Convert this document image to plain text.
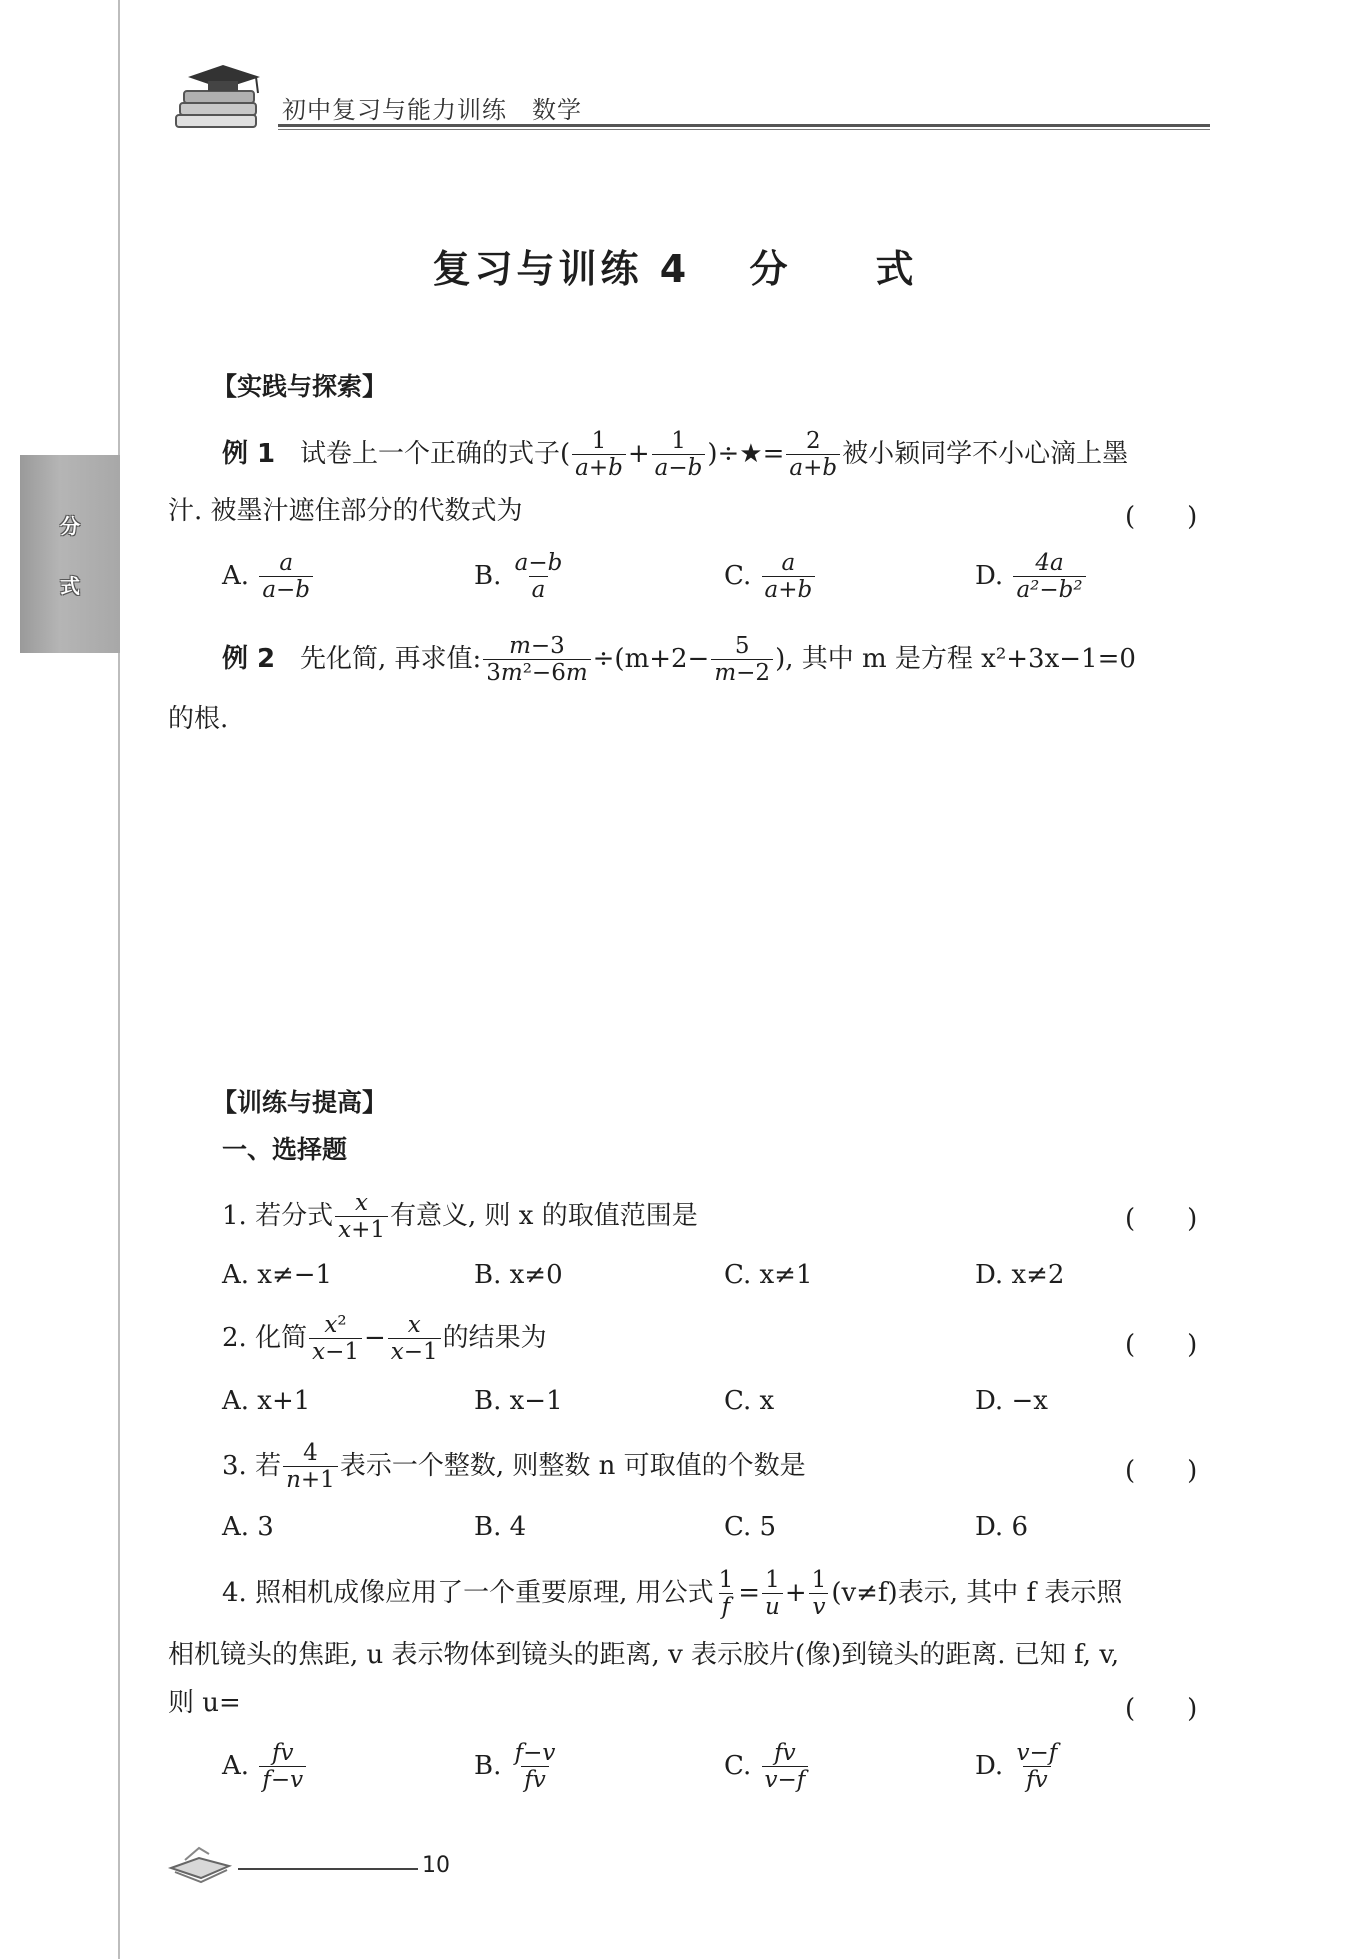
分
式
初中复习与能力训练　数学
复习与训练 4　 分　　式
【实践与探索】
例 1 试卷上一个正确的式子( $\frac{1}{a+b} + \frac{1}{a-b}$ )÷★= $\frac{2}{a+b}$ 被小颖同学不小心滴上墨
汁. 被墨汁遮住部分的代数式为	(　　)
A. $\frac{a}{a-b}$	B. $\frac{a-b}{a}$	C. $\frac{a}{a+b}$	D. $\frac{4a}{\text{a²−b²}}$
例 2 先化简, 再求值: $\frac{m-3}{\text{3m²−6m}} \div(m+2- \frac{5}{m-2}$ ), 其中 m 是方程 x²+3x−1=0
的根.
【训练与提高】
一、选择题
1. 若分式 $\frac{x}{x+1}$ 有意义, 则 x 的取值范围是	(　　)
A. x≠−1	B. x≠0	C. x≠1	D. x≠2
2. 化简 $\frac{\text{x²}}{x-1} - \frac{x}{x-1}$ 的结果为	(　　)
A. x+1	B. x−1	C. x	D. −x
3. 若 $\frac{4}{n+1}$ 表示一个整数, 则整数 n 可取值的个数是	(　　)
A. 3	B. 4	C. 5	D. 6
4. 照相机成像应用了一个重要原理, 用公式 $\frac{1}{f} = \frac{1}{u} + \frac{1}{v} (v\ne f)$表示, 其中 f 表示照
相机镜头的焦距, u 表示物体到镜头的距离, v 表示胶片(像)到镜头的距离. 已知 f, v,
则 u=	(　　)
A. $\frac{fv}{f-v}$	B. $\frac{f-v}{fv}$	C. $\frac{fv}{v-f}$	D. $\frac{v-f}{fv}$
10
